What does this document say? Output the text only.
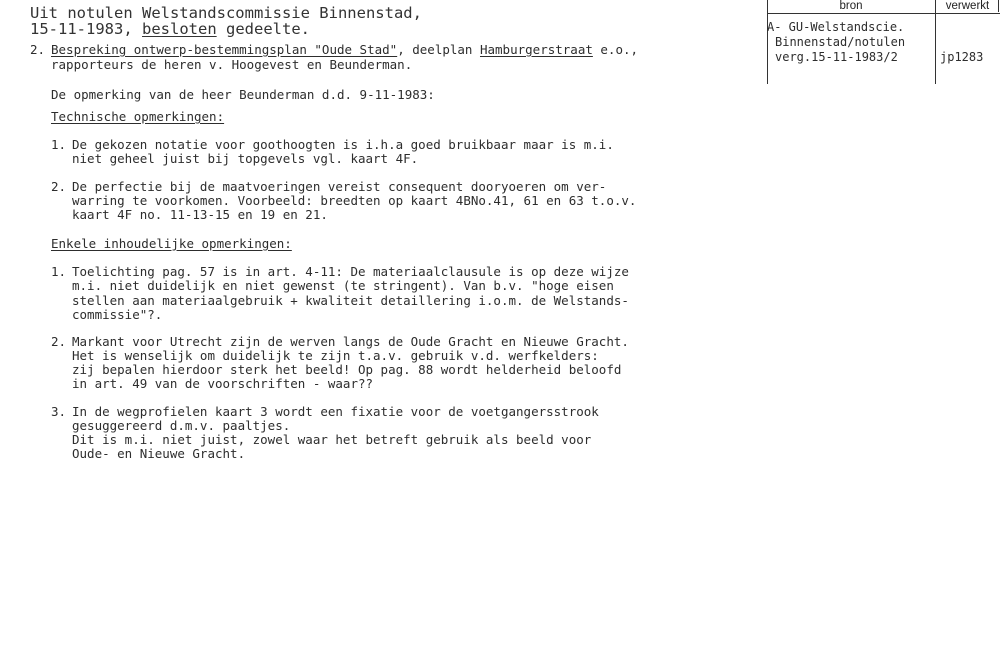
Uit notulen Welstandscommissie Binnenstad,
15-11-1983, besloten gedeelte.
2. Bespreking ontwerp-bestemmingsplan "Oude Stad", deelplan Hamburgerstraat e.o.,
rapporteurs de heren v. Hoogevest en Beunderman.
De opmerking van de heer Beunderman d.d. 9-11-1983:
Technische opmerkingen:
1. De gekozen notatie voor goothoogten is i.h.a goed bruikbaar maar is m.i.
niet geheel juist bij topgevels vgl. kaart 4F.
2. De perfectie bij de maatvoeringen vereist consequent dooryoeren om ver-
warring te voorkomen. Voorbeeld: breedten op kaart 4BNo.41, 61 en 63 t.o.v.
kaart 4F no. 11-13-15 en 19 en 21.
Enkele inhoudelijke opmerkingen:
1. Toelichting pag. 57 is in art. 4-11: De materiaalclausule is op deze wijze
m.i. niet duidelijk en niet gewenst (te stringent). Van b.v. "hoge eisen
stellen aan materiaalgebruik + kwaliteit detaillering i.o.m. de Welstands-
commissie"?.
2. Markant voor Utrecht zijn de werven langs de Oude Gracht en Nieuwe Gracht.
Het is wenselijk om duidelijk te zijn t.a.v. gebruik v.d. werfkelders:
zij bepalen hierdoor sterk het beeld! Op pag. 88 wordt helderheid beloofd
in art. 49 van de voorschriften - waar??
3. In de wegprofielen kaart 3 wordt een fixatie voor de voetgangersstrook
gesuggereerd d.m.v. paaltjes.
Dit is m.i. niet juist, zowel waar het betreft gebruik als beeld voor
Oude- en Nieuwe Gracht.
bron	verwerkt
A- GU-Welstandscie.
Binnenstad/notulen
verg.15-11-1983/2	jp1283
